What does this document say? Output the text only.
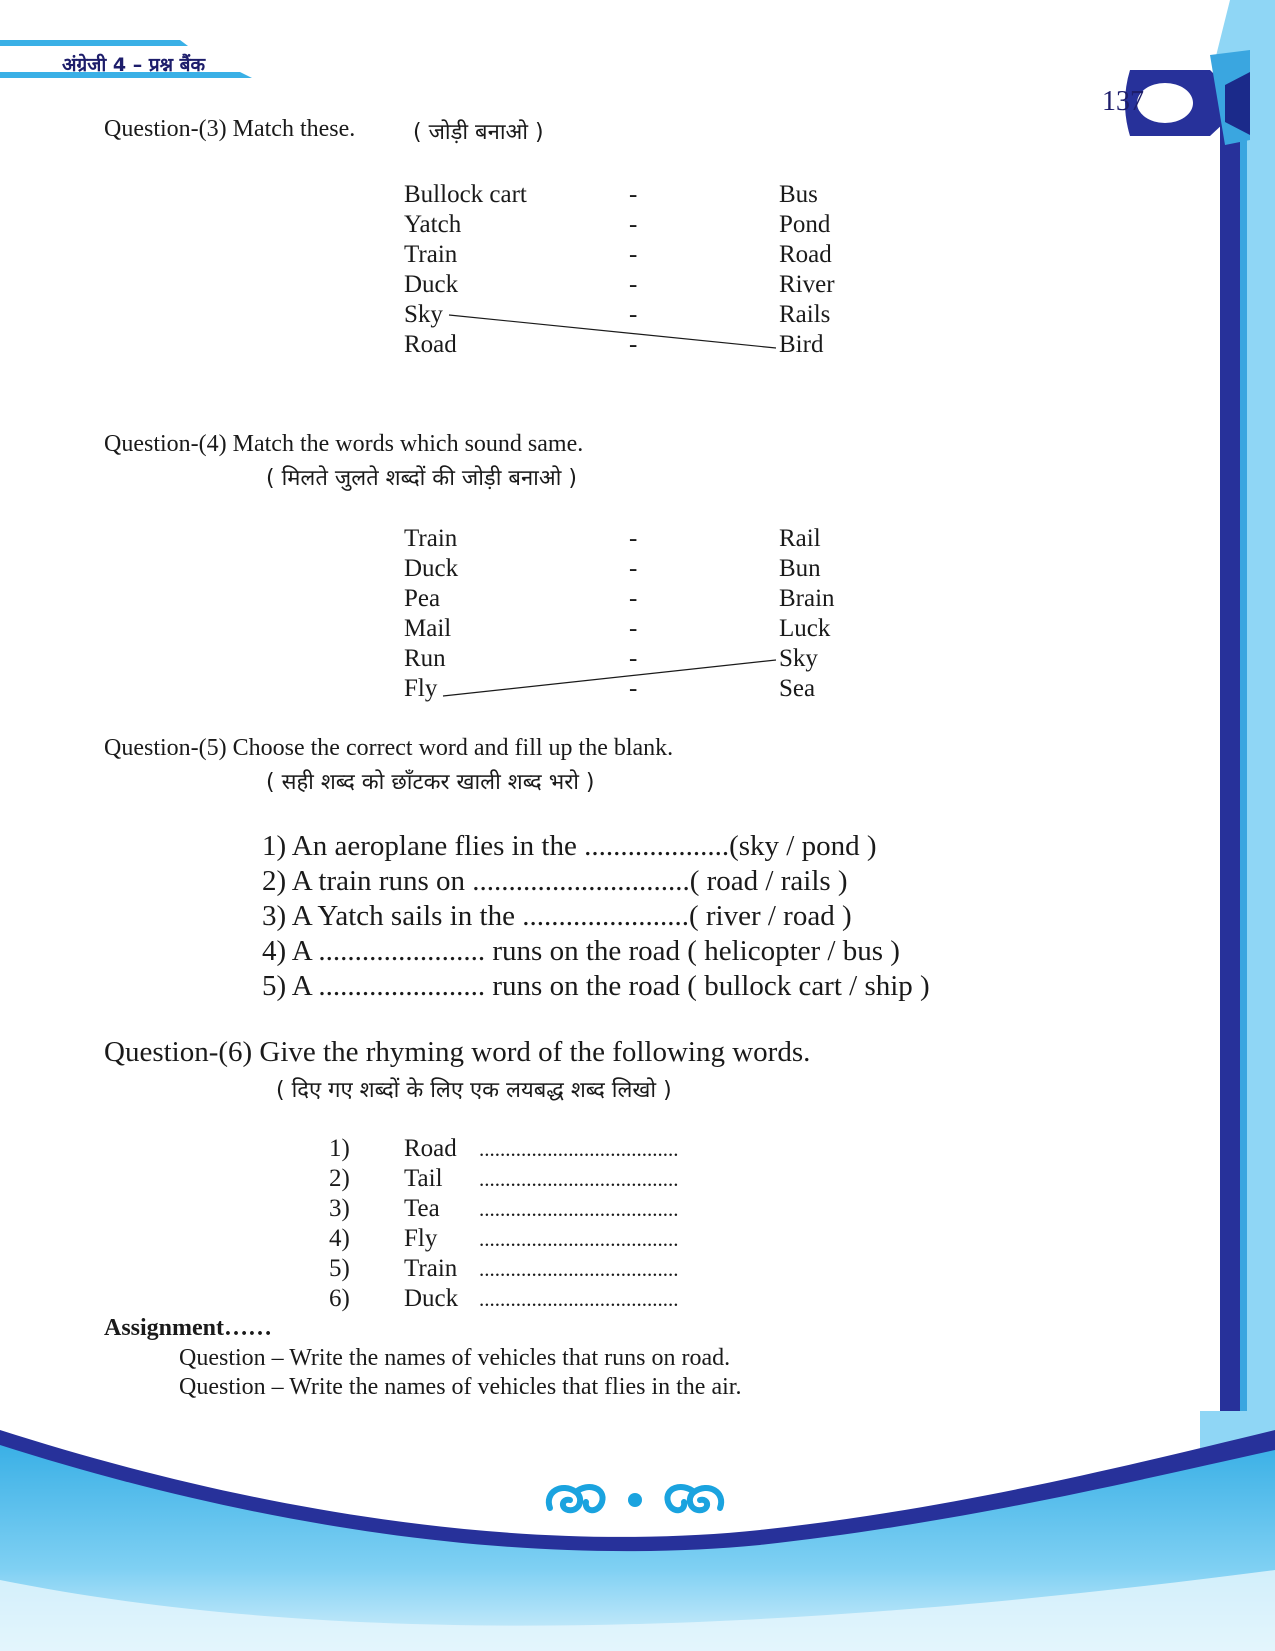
अंग्रेजी 4 – प्रश्न बैंक
137
Question-(3) Match these.	( जोड़ी बनाओ )
Bullock cart
Yatch
Train
Duck
Sky
Road
-
-
-
-
-
-
Bus
Pond
Road
River
Rails
Bird
Question-(4) Match the words which sound same.
( मिलते जुलते शब्दों की जोड़ी बनाओ )
Train
Duck
Pea
Mail
Run
Fly
-
-
-
-
-
-
Rail
Bun
Brain
Luck
Sky
Sea
Question-(5) Choose the correct word and fill up the blank.
( सही शब्द को छाँटकर खाली शब्द भरो )
1) An aeroplane flies in the ....................(sky / pond )
2) A train runs on ..............................( road / rails )
3) A Yatch sails in the .......................( river / road )
4) A ....................... runs on the road ( helicopter / bus )
5) A ....................... runs on the road ( bullock cart / ship )
Question-(6) Give the rhyming word of the following words.
( दिए गए शब्दों के लिए एक लयबद्ध शब्द लिखो )
1)
2)
3)
4)
5)
6)
Road
Tail
Tea
Fly
Train
Duck
......................................
......................................
......................................
......................................
......................................
......................................
Assignment……
Question – Write the names of vehicles that runs on road.
Question – Write the names of vehicles that flies in the air.
